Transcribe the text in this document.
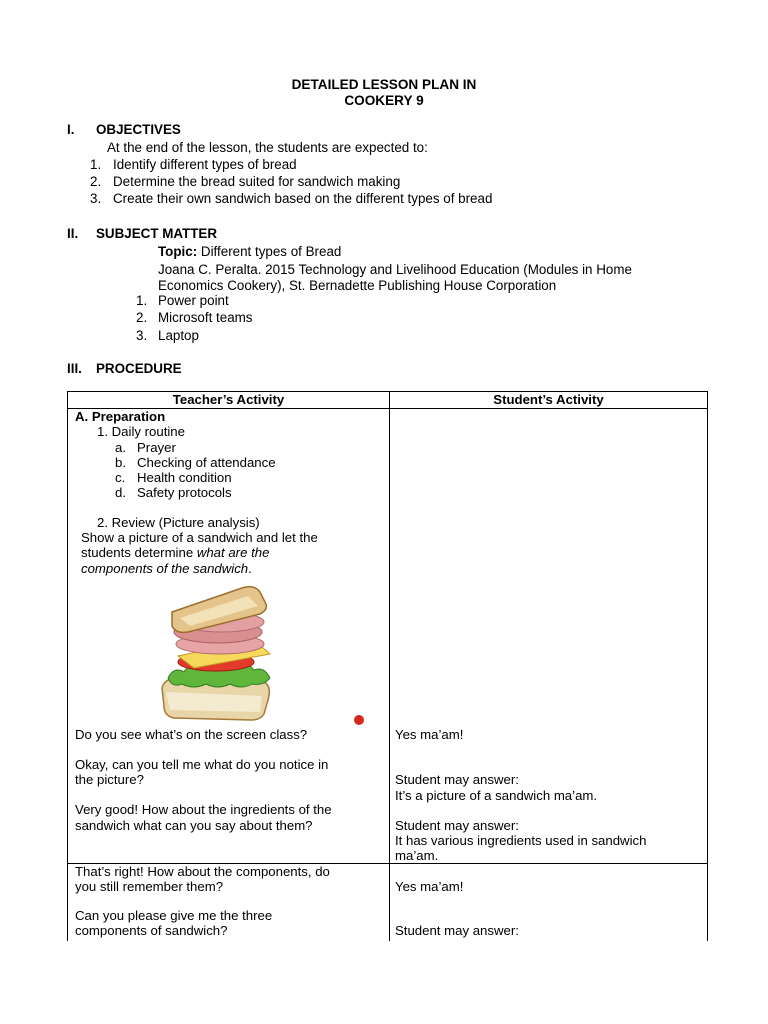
DETAILED LESSON PLAN IN
COOKERY 9
I. OBJECTIVES
At the end of the lesson, the students are expected to:
1. Identify different types of bread
2. Determine the bread suited for sandwich making
3. Create their own sandwich based on the different types of bread
II. SUBJECT MATTER
Topic: Different types of Bread
Joana C. Peralta. 2015 Technology and Livelihood Education (Modules in Home
Economics Cookery), St. Bernadette Publishing House Corporation
1. Power point
2. Microsoft teams
3. Laptop
III. PROCEDURE
Teacher’s Activity	Student’s Activity
A. Preparation
1. Daily routine
a. Prayer
b. Checking of attendance
c. Health condition
d. Safety protocols
2. Review (Picture analysis)
Show a picture of a sandwich and let the
students determine what are the
components of the sandwich.
Do you see what’s on the screen class?
Okay, can you tell me what do you notice in
the picture?
Very good! How about the ingredients of the
sandwich what can you say about them?
Yes ma’am!
Student may answer:
It’s a picture of a sandwich ma’am.
Student may answer:
It has various ingredients used in sandwich
ma’am.
That’s right! How about the components, do
you still remember them?
Can you please give me the three
components of sandwich?
Yes ma’am!
Student may answer:
